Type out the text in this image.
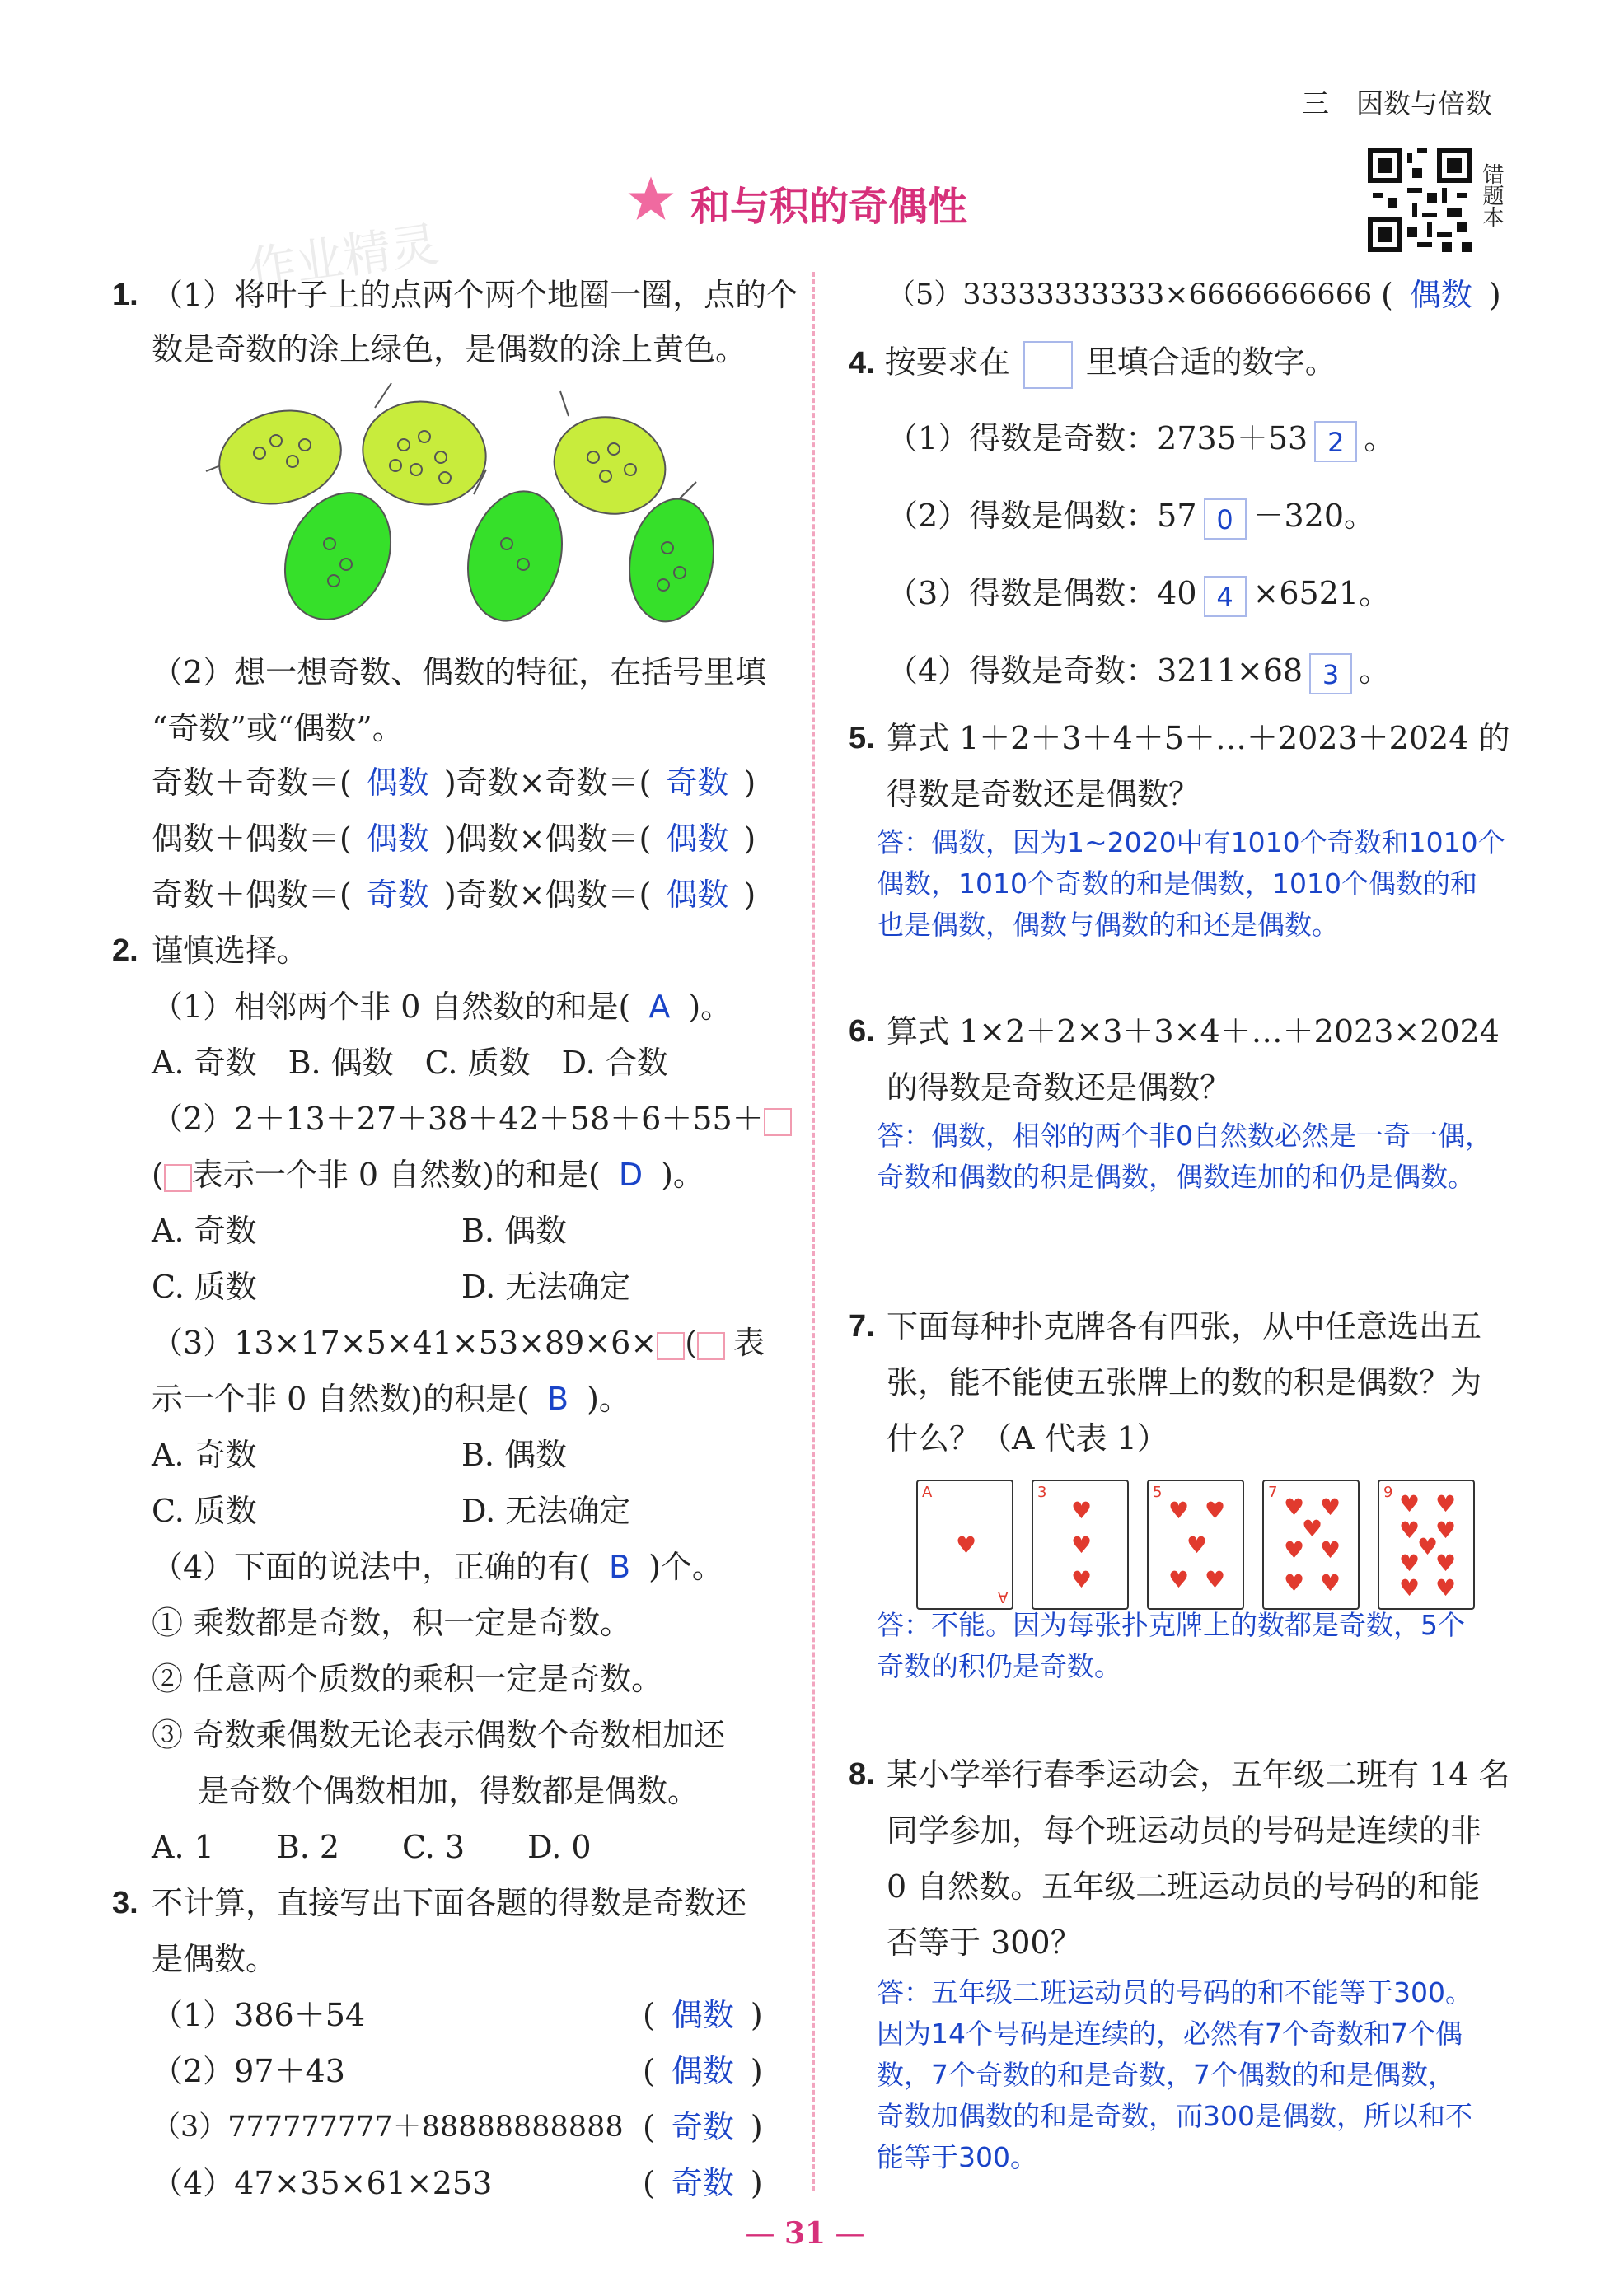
三　因数与倍数
作业精灵
错题本
和与积的奇偶性
1. （1）将叶子上的点两个两个地圈一圈，点的个
数是奇数的涂上绿色，是偶数的涂上黄色。
（2）想一想奇数、偶数的特征，在括号里填
“奇数”或“偶数”。
奇数＋奇数＝( 偶数 )奇数×奇数＝( 奇数 )
偶数＋偶数＝( 偶数 )偶数×偶数＝( 偶数 )
奇数＋偶数＝( 奇数 )奇数×偶数＝( 偶数 )
2. 谨慎选择。
（1）相邻两个非 0 自然数的和是( A )。
A. 奇数　B. 偶数　C. 质数　D. 合数
（2）2＋13＋27＋38＋42＋58＋6＋55＋
( 表示一个非 0 自然数)的和是( D )。
A. 奇数	B. 偶数
C. 质数	D. 无法确定
（3）13×17×5×41×53×89×6× ( 表
示一个非 0 自然数)的积是( B )。
A. 奇数	B. 偶数
C. 质数	D. 无法确定
（4）下面的说法中，正确的有( B )个。
① 乘数都是奇数，积一定是奇数。
② 任意两个质数的乘积一定是奇数。
③ 奇数乘偶数无论表示偶数个奇数相加还
是奇数个偶数相加，得数都是偶数。
A. 1　　B. 2　　C. 3　　D. 0
3. 不计算，直接写出下面各题的得数是奇数还
是偶数。
（1）386＋54	( 偶数 )
（2）97＋43	( 偶数 )
（3）777777777＋88888888888 ( 奇数 )
（4）47×35×61×253	( 奇数 )
（5）33333333333×6666666666 ( 偶数 )
4. 按要求在 里填合适的数字。
（1）得数是奇数：2735＋53 2 。
（2）得数是偶数：57 0 －320。
（3）得数是偶数：40 4 ×6521。
（4）得数是奇数：3211×68 3 。
5. 算式 1＋2＋3＋4＋5＋…＋2023＋2024 的
得数是奇数还是偶数？
答：偶数，因为1~2020中有1010个奇数和1010个
偶数，1010个奇数的和是偶数，1010个偶数的和
也是偶数，偶数与偶数的和还是偶数。
6. 算式 1×2＋2×3＋3×4＋…＋2023×2024
的得数是奇数还是偶数？
答：偶数，相邻的两个非0自然数必然是一奇一偶，
奇数和偶数的积是偶数，偶数连加的和仍是偶数。
7. 下面每种扑克牌各有四张，从中任意选出五
张，能不能使五张牌上的数的积是偶数？为
什么？（A 代表 1）
A
♥
A
3
♥
♥
♥
5
♥ ♥
♥
♥ ♥
7
♥ ♥
♥
♥ ♥
♥ ♥
9 ♥ ♥
♥ ♥
♥
♥ ♥
♥ ♥
答：不能。因为每张扑克牌上的数都是奇数，5个
奇数的积仍是奇数。
8. 某小学举行春季运动会，五年级二班有 14 名
同学参加，每个班运动员的号码是连续的非
0 自然数。五年级二班运动员的号码的和能
否等于 300？
答：五年级二班运动员的号码的和不能等于300。
因为14个号码是连续的，必然有7个奇数和7个偶
数，7个奇数的和是奇数，7个偶数的和是偶数，
奇数加偶数的和是奇数，而300是偶数，所以和不
能等于300。
— 31 —
